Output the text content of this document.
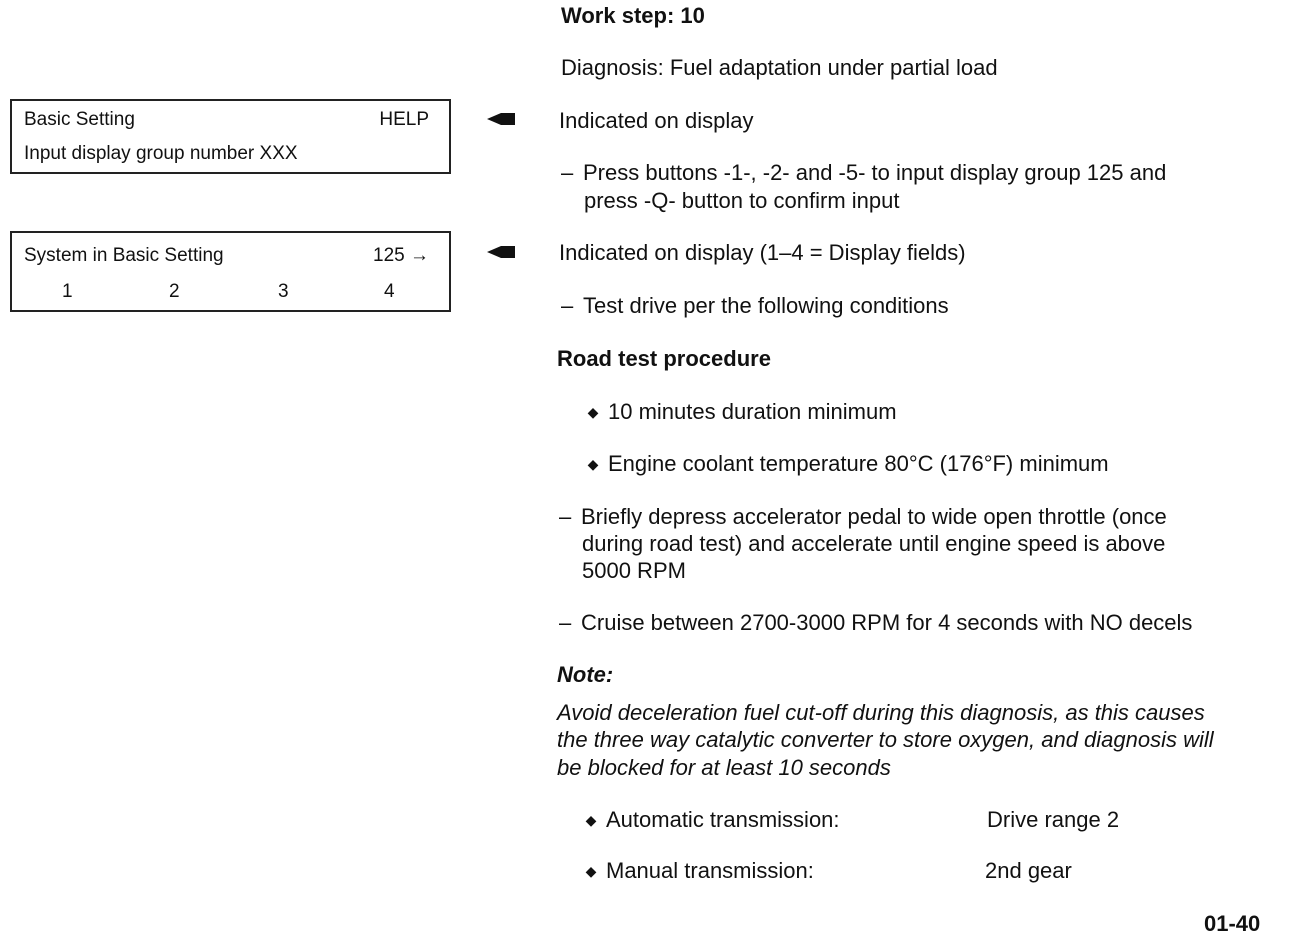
Work step: 10
Diagnosis: Fuel adaptation under partial load
Basic Setting	HELP
Input display group number XXX
System in Basic Setting	125 →
1	2	3	4
Indicated on display
– Press buttons -1-, -2- and -5- to input display group 125 and
press -Q- button to confirm input
Indicated on display (1–4 = Display fields)
– Test drive per the following conditions
Road test procedure
◆ 10 minutes duration minimum
◆ Engine coolant temperature 80°C (176°F) minimum
– Briefly depress accelerator pedal to wide open throttle (once
during road test) and accelerate until engine speed is above
5000 RPM
– Cruise between 2700-3000 RPM for 4 seconds with NO decels
Note:
Avoid deceleration fuel cut-off during this diagnosis, as this causes
the three way catalytic converter to store oxygen, and diagnosis will
be blocked for at least 10 seconds
◆ Automatic transmission:	Drive range 2
◆ Manual transmission:	2nd gear
01-40
